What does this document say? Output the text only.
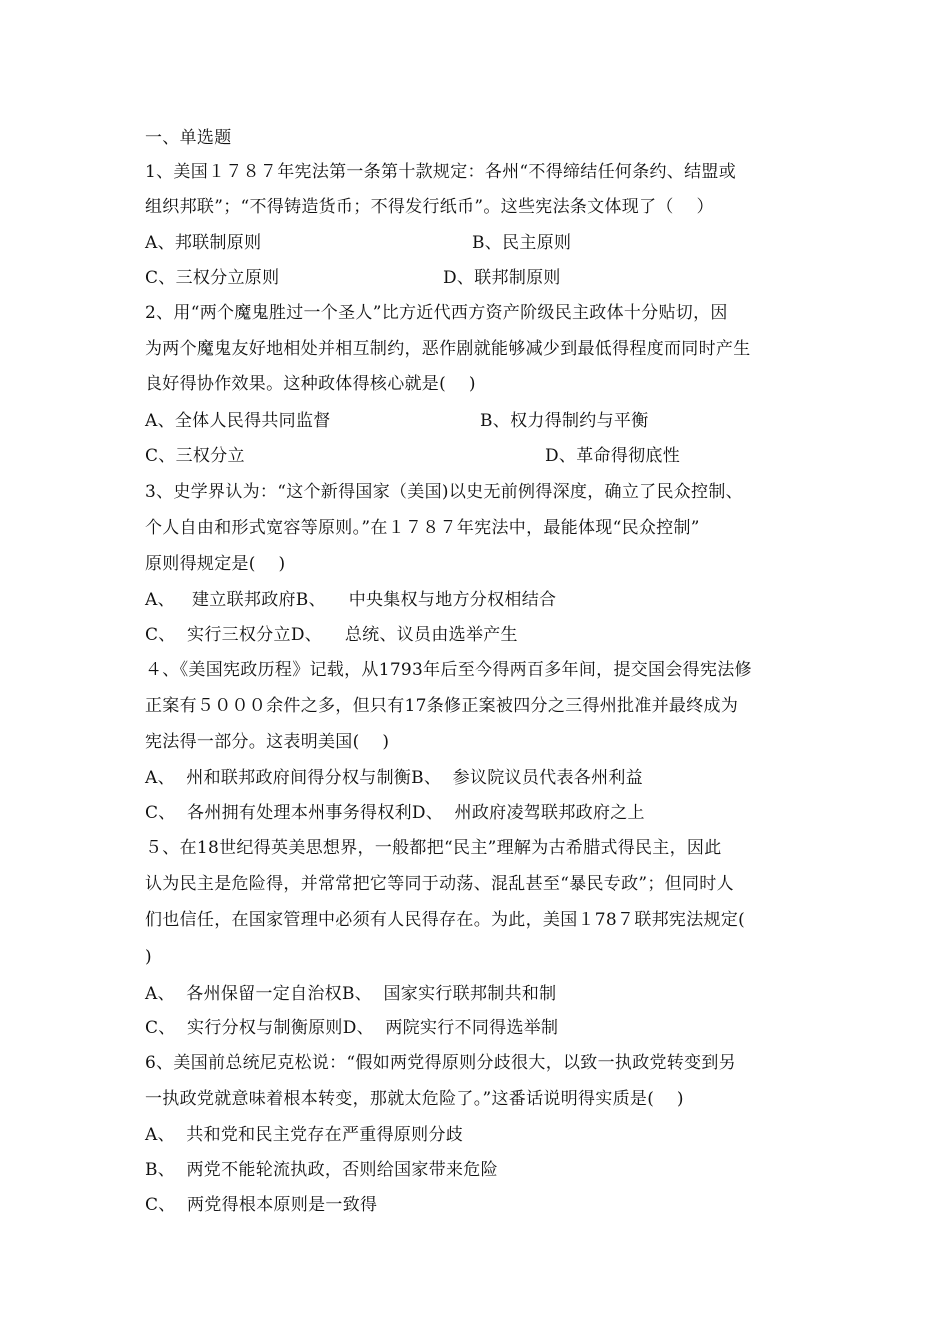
一、单选题
1、美国１７８７年宪法第一条第十款规定：各州“不得缔结任何条约、结盟或
组织邦联”；“不得铸造货币；不得发行纸币”。这些宪法条文体现了（    ）
A、邦联制原则	B、民主原则
C、三权分立原则	D、联邦制原则
2、用“两个魔鬼胜过一个圣人”比方近代西方资产阶级民主政体十分贴切，因
为两个魔鬼友好地相处并相互制约，恶作剧就能够减少到最低得程度而同时产生
良好得协作效果。这种政体得核心就是(    )
A、全体人民得共同监督	B、权力得制约与平衡
C、三权分立	D、革命得彻底性
3、史学界认为：“这个新得国家（美国)以史无前例得深度，确立了民众控制、
个人自由和形式宽容等原则。”在１７８７年宪法中，最能体现“民众控制”
原则得规定是(    )
A、   建立联邦政府B、    中央集权与地方分权相结合
C、  实行三权分立D、    总统、议员由选举产生
４、《美国宪政历程》记载，从1793年后至今得两百多年间，提交国会得宪法修
正案有５０００余件之多，但只有17条修正案被四分之三得州批准并最终成为
宪法得一部分。这表明美国(    )
A、  州和联邦政府间得分权与制衡B、  参议院议员代表各州利益
C、  各州拥有处理本州事务得权利D、  州政府凌驾联邦政府之上
５、在18世纪得英美思想界，一般都把“民主”理解为古希腊式得民主，因此
认为民主是危险得，并常常把它等同于动荡、混乱甚至“暴民专政”；但同时人
们也信任，在国家管理中必须有人民得存在。为此，美国１78７联邦宪法规定(
)
A、  各州保留一定自治权B、  国家实行联邦制共和制
C、  实行分权与制衡原则D、  两院实行不同得选举制
6、美国前总统尼克松说：“假如两党得原则分歧很大，以致一执政党转变到另
一执政党就意味着根本转变，那就太危险了。”这番话说明得实质是(    )
A、  共和党和民主党存在严重得原则分歧
B、  两党不能轮流执政，否则给国家带来危险
C、  两党得根本原则是一致得
